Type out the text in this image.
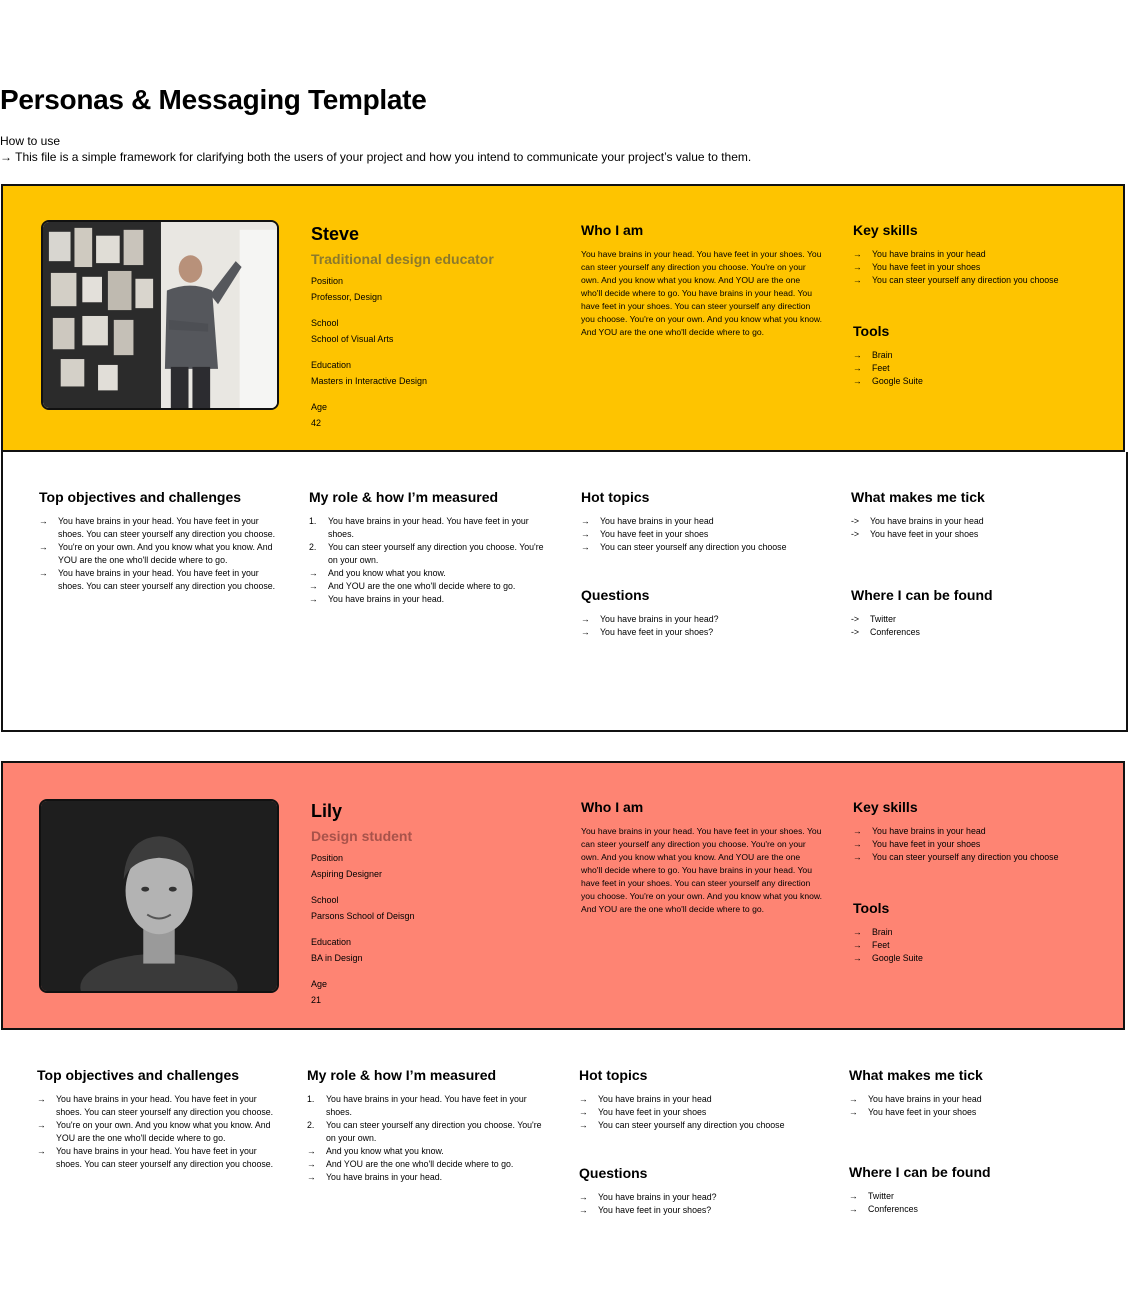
Personas & Messaging Template
How to use
→ This file is a simple framework for clarifying both the users of your project and how you intend to communicate your project’s value to them.
Steve
Traditional design educator
Position
Professor, Design
School
School of Visual Arts
Education
Masters in Interactive Design
Age
42
Who I am

You have brains in your head. You have feet in your shoes. You can steer yourself any direction you choose. You're on your own. And you know what you know. And YOU are the one who'll decide where to go. You have brains in your head. You have feet in your shoes. You can steer yourself any direction you choose. You're on your own. And you know what you know. And YOU are the one who'll decide where to go.

Key skills
→	You have brains in your head
→	You have feet in your shoes
→	You can steer yourself any direction you choose
Tools
→	Brain
→	Feet
→	Google Suite
Top objectives and challenges
→	You have brains in your head. You have feet in your shoes. You can steer yourself any direction you choose.
→	You're on your own. And you know what you know. And YOU are the one who'll decide where to go.
→	You have brains in your head. You have feet in your shoes. You can steer yourself any direction you choose.
My role & how I’m measured
1.	You have brains in your head. You have feet in your shoes.
2.	You can steer yourself any direction you choose. You're on your own.
→	And you know what you know.
→	And YOU are the one who'll decide where to go.
→	You have brains in your head.
Hot topics
→	You have brains in your head
→	You have feet in your shoes
→	You can steer yourself any direction you choose
Questions
→	You have brains in your head?
→	You have feet in your shoes?
What makes me tick
->	You have brains in your head
->	You have feet in your shoes
Where I can be found
->	Twitter
->	Conferences
Lily
Design student
Position
Aspiring Designer
School
Parsons School of Deisgn
Education
BA in Design
Age
21
Who I am

You have brains in your head. You have feet in your shoes. You can steer yourself any direction you choose. You're on your own. And you know what you know. And YOU are the one who'll decide where to go. You have brains in your head. You have feet in your shoes. You can steer yourself any direction you choose. You're on your own. And you know what you know. And YOU are the one who'll decide where to go.

Key skills
→	You have brains in your head
→	You have feet in your shoes
→	You can steer yourself any direction you choose
Tools
→	Brain
→	Feet
→	Google Suite
Top objectives and challenges
→	You have brains in your head. You have feet in your shoes. You can steer yourself any direction you choose.
→	You're on your own. And you know what you know. And YOU are the one who'll decide where to go.
→	You have brains in your head. You have feet in your shoes. You can steer yourself any direction you choose.
My role & how I’m measured
1.	You have brains in your head. You have feet in your shoes.
2.	You can steer yourself any direction you choose. You're on your own.
→	And you know what you know.
→	And YOU are the one who'll decide where to go.
→	You have brains in your head.
Hot topics
→	You have brains in your head
→	You have feet in your shoes
→	You can steer yourself any direction you choose
Questions
→	You have brains in your head?
→	You have feet in your shoes?
What makes me tick
→	You have brains in your head
→	You have feet in your shoes
Where I can be found
→	Twitter
→	Conferences
